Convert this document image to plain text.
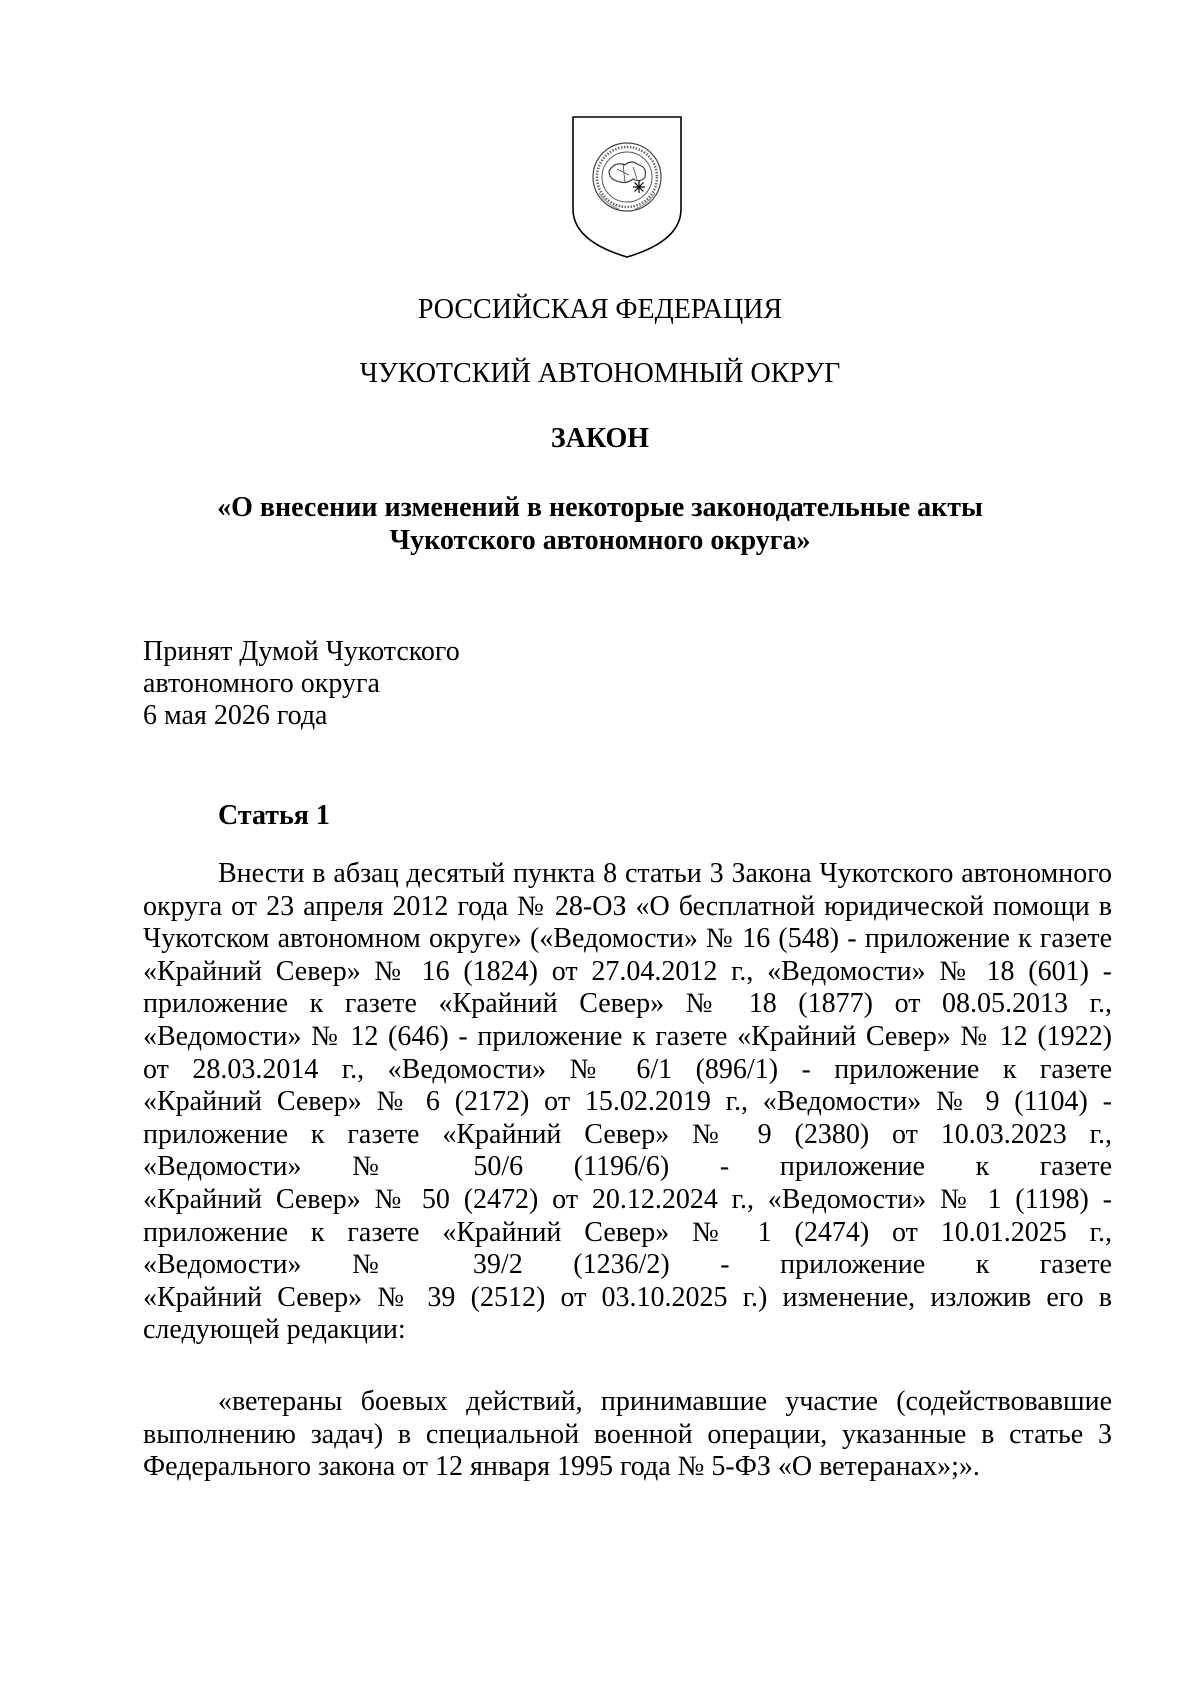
РОССИЙСКАЯ ФЕДЕРАЦИЯ
ЧУКОТСКИЙ АВТОНОМНЫЙ ОКРУГ
ЗАКОН
«О внесении изменений в некоторые законодательные акты
Чукотского автономного округа»
Принят Думой Чукотского
автономного округа
6 мая 2026 года
Статья 1
Внести в абзац десятый пункта 8 статьи 3 Закона Чукотского автономного
округа от 23 апреля 2012 года № 28-ОЗ «О бесплатной юридической помощи в
Чукотском автономном округе» («Ведомости» № 16 (548) - приложение к газете
«Крайний Север» № 16 (1824) от 27.04.2012 г., «Ведомости» № 18 (601) -
приложение к газете «Крайний Север» № 18 (1877) от 08.05.2013 г.,
«Ведомости» № 12 (646) - приложение к газете «Крайний Север» № 12 (1922)
от 28.03.2014 г., «Ведомости» № 6/1 (896/1) - приложение к газете
«Крайний Север» № 6 (2172) от 15.02.2019 г., «Ведомости» № 9 (1104) -
приложение к газете «Крайний Север» № 9 (2380) от 10.03.2023 г.,
«Ведомости» № 50/6 (1196/6) - приложение к газете
«Крайний Север» № 50 (2472) от 20.12.2024 г., «Ведомости» № 1 (1198) -
приложение к газете «Крайний Север» № 1 (2474) от 10.01.2025 г.,
«Ведомости» № 39/2 (1236/2) - приложение к газете
«Крайний Север» № 39 (2512) от 03.10.2025 г.) изменение, изложив его в
следующей редакции:
«ветераны боевых действий, принимавшие участие (содействовавшие
выполнению задач) в специальной военной операции, указанные в статье 3
Федерального закона от 12 января 1995 года № 5-ФЗ «О ветеранах»;».
